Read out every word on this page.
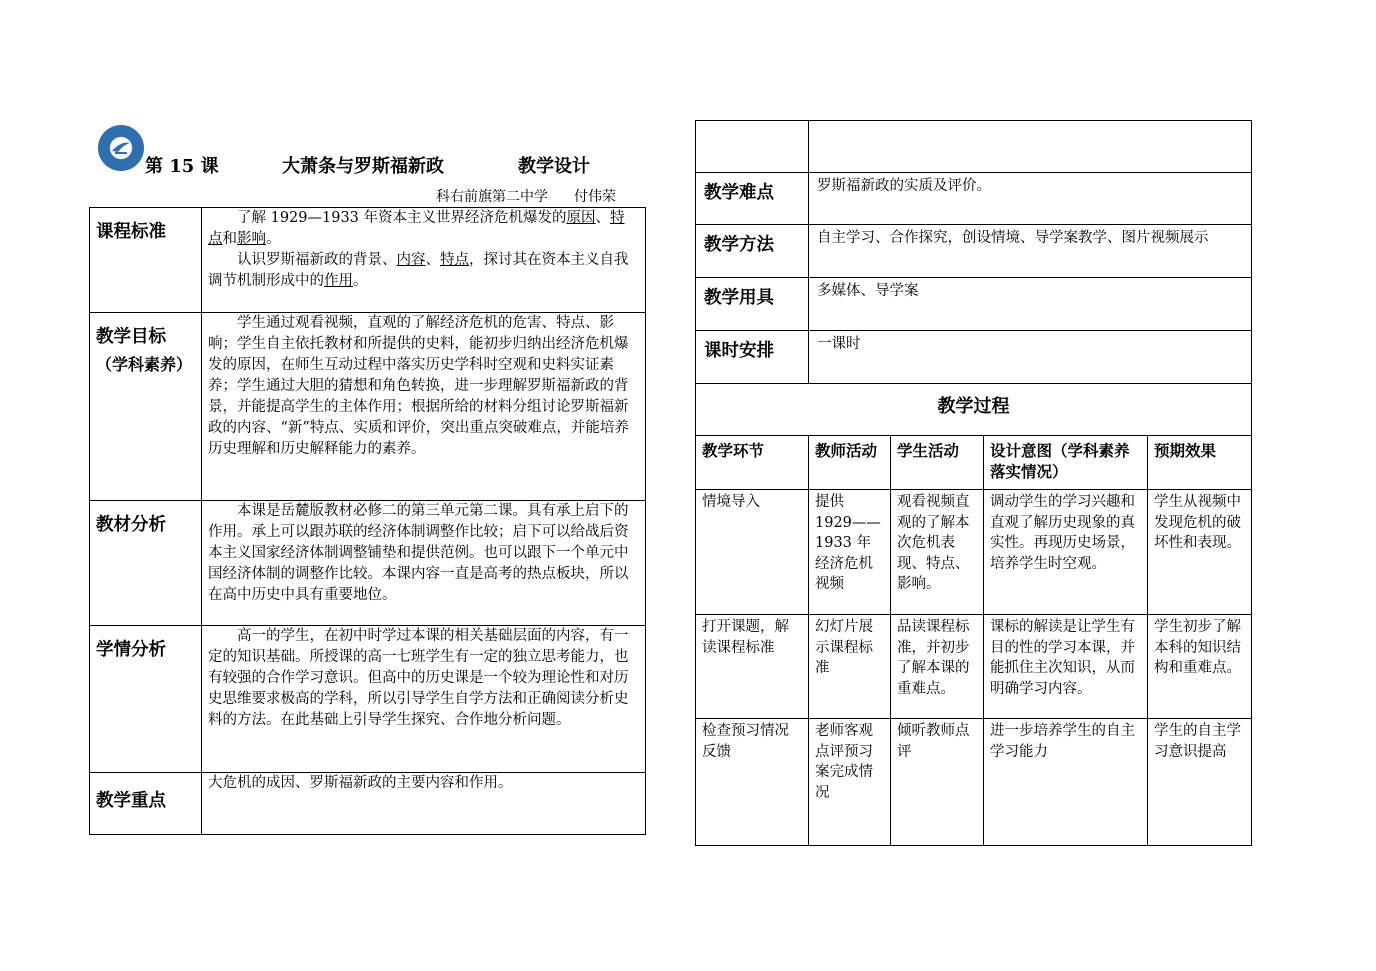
第 15 课	大萧条与罗斯福新政	教学设计
科右前旗第二中学 付伟荣
课程标准	了解 1929—1933 年资本主义世界经济危机爆发的原因、特点和影响。
认识罗斯福新政的背景、内容、特点，探讨其在资本主义自我调节机制形成中的作用。

教学目标
（学科素养）	学生通过观看视频，直观的了解经济危机的危害、特点、影响；学生自主依托教材和所提供的史料，能初步归纳出经济危机爆发的原因，在师生互动过程中落实历史学科时空观和史料实证素养；学生通过大胆的猜想和角色转换，进一步理解罗斯福新政的背景，并能提高学生的主体作用；根据所给的材料分组讨论罗斯福新政的内容、“新”特点、实质和评价，突出重点突破难点，并能培养历史理解和历史解释能力的素养。
教材分析	本课是岳麓版教材必修二的第三单元第二课。具有承上启下的作用。承上可以跟苏联的经济体制调整作比较；启下可以给战后资本主义国家经济体制调整铺垫和提供范例。也可以跟下一个单元中国经济体制的调整作比较。本课内容一直是高考的热点板块，所以在高中历史中具有重要地位。
学情分析	高一的学生，在初中时学过本课的相关基础层面的内容，有一定的知识基础。所授课的高一七班学生有一定的独立思考能力，也有较强的合作学习意识。但高中的历史课是一个较为理论性和对历史思维要求极高的学科，所以引导学生自学方法和正确阅读分析史料的方法。在此基础上引导学生探究、合作地分析问题。
教学重点	大危机的成因、罗斯福新政的主要内容和作用。

教学难点	罗斯福新政的实质及评价。			
教学方法	自主学习、合作探究，创设情境、导学案教学、图片视频展示			
教学用具	多媒体、导学案			
课时安排	一课时			
教学过程				
教学环节	教师活动	学生活动	设计意图（学科素养落实情况）	预期效果
情境导入	提供 1929——1933 年经济危机视频	观看视频直观的了解本次危机表现、特点、影响。	调动学生的学习兴趣和直观了解历史现象的真实性。再现历史场景，培养学生时空观。	学生从视频中发现危机的破坏性和表现。
打开课题，解读课程标准	幻灯片展示课程标准	品读课程标准，并初步了解本课的重难点。	课标的解读是让学生有目的性的学习本课，并能抓住主次知识，从而明确学习内容。	学生初步了解本科的知识结构和重难点。
检查预习情况反馈	老师客观点评预习案完成情况	倾听教师点评	进一步培养学生的自主学习能力	学生的自主学习意识提高
